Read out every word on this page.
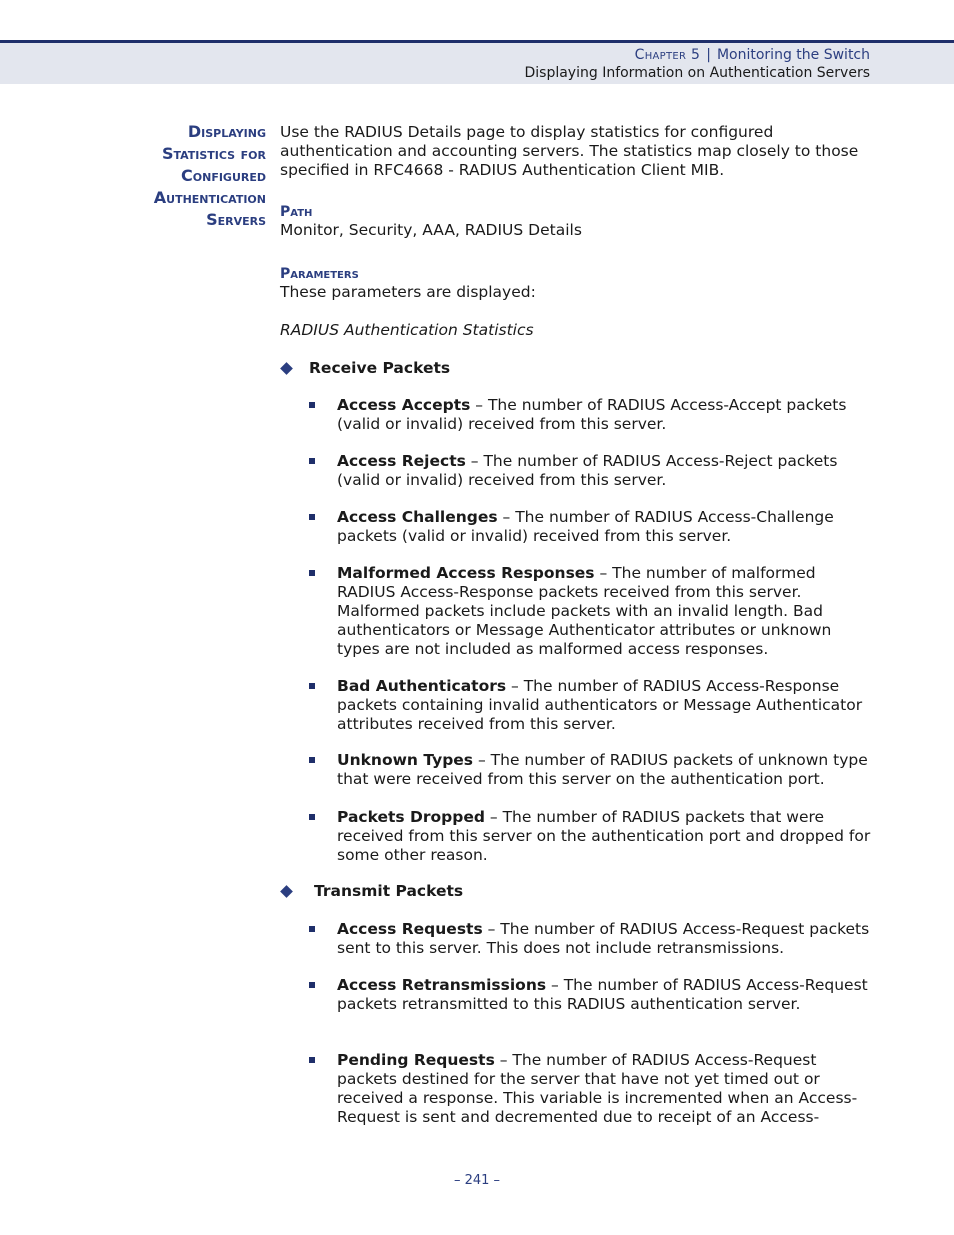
Chapter 5 | Monitoring the Switch
Displaying Information on Authentication Servers
Displaying
Statistics for
Configured
Authentication
Servers
Use the RADIUS Details page to display statistics for configured authentication and accounting servers. The statistics map closely to those specified in RFC4668 - RADIUS Authentication Client MIB.
Path
Monitor, Security, AAA, RADIUS Details
Parameters
These parameters are displayed:
RADIUS Authentication Statistics
Receive Packets
Access Accepts – The number of RADIUS Access-Accept packets (valid or invalid) received from this server.
Access Rejects – The number of RADIUS Access-Reject packets (valid or invalid) received from this server.
Access Challenges – The number of RADIUS Access-Challenge packets (valid or invalid) received from this server.
Malformed Access Responses – The number of malformed RADIUS Access-Response packets received from this server. Malformed packets include packets with an invalid length. Bad authenticators or Message Authenticator attributes or unknown types are not included as malformed access responses.
Bad Authenticators – The number of RADIUS Access-Response packets containing invalid authenticators or Message Authenticator attributes received from this server.
Unknown Types – The number of RADIUS packets of unknown type that were received from this server on the authentication port.
Packets Dropped – The number of RADIUS packets that were received from this server on the authentication port and dropped for some other reason.
Transmit Packets
Access Requests – The number of RADIUS Access-Request packets sent to this server. This does not include retransmissions.
Access Retransmissions – The number of RADIUS Access-Request packets retransmitted to this RADIUS authentication server.
Pending Requests – The number of RADIUS Access-Request packets destined for the server that have not yet timed out or received a response. This variable is incremented when an Access-Request is sent and decremented due to receipt of an Access-
– 241 –
